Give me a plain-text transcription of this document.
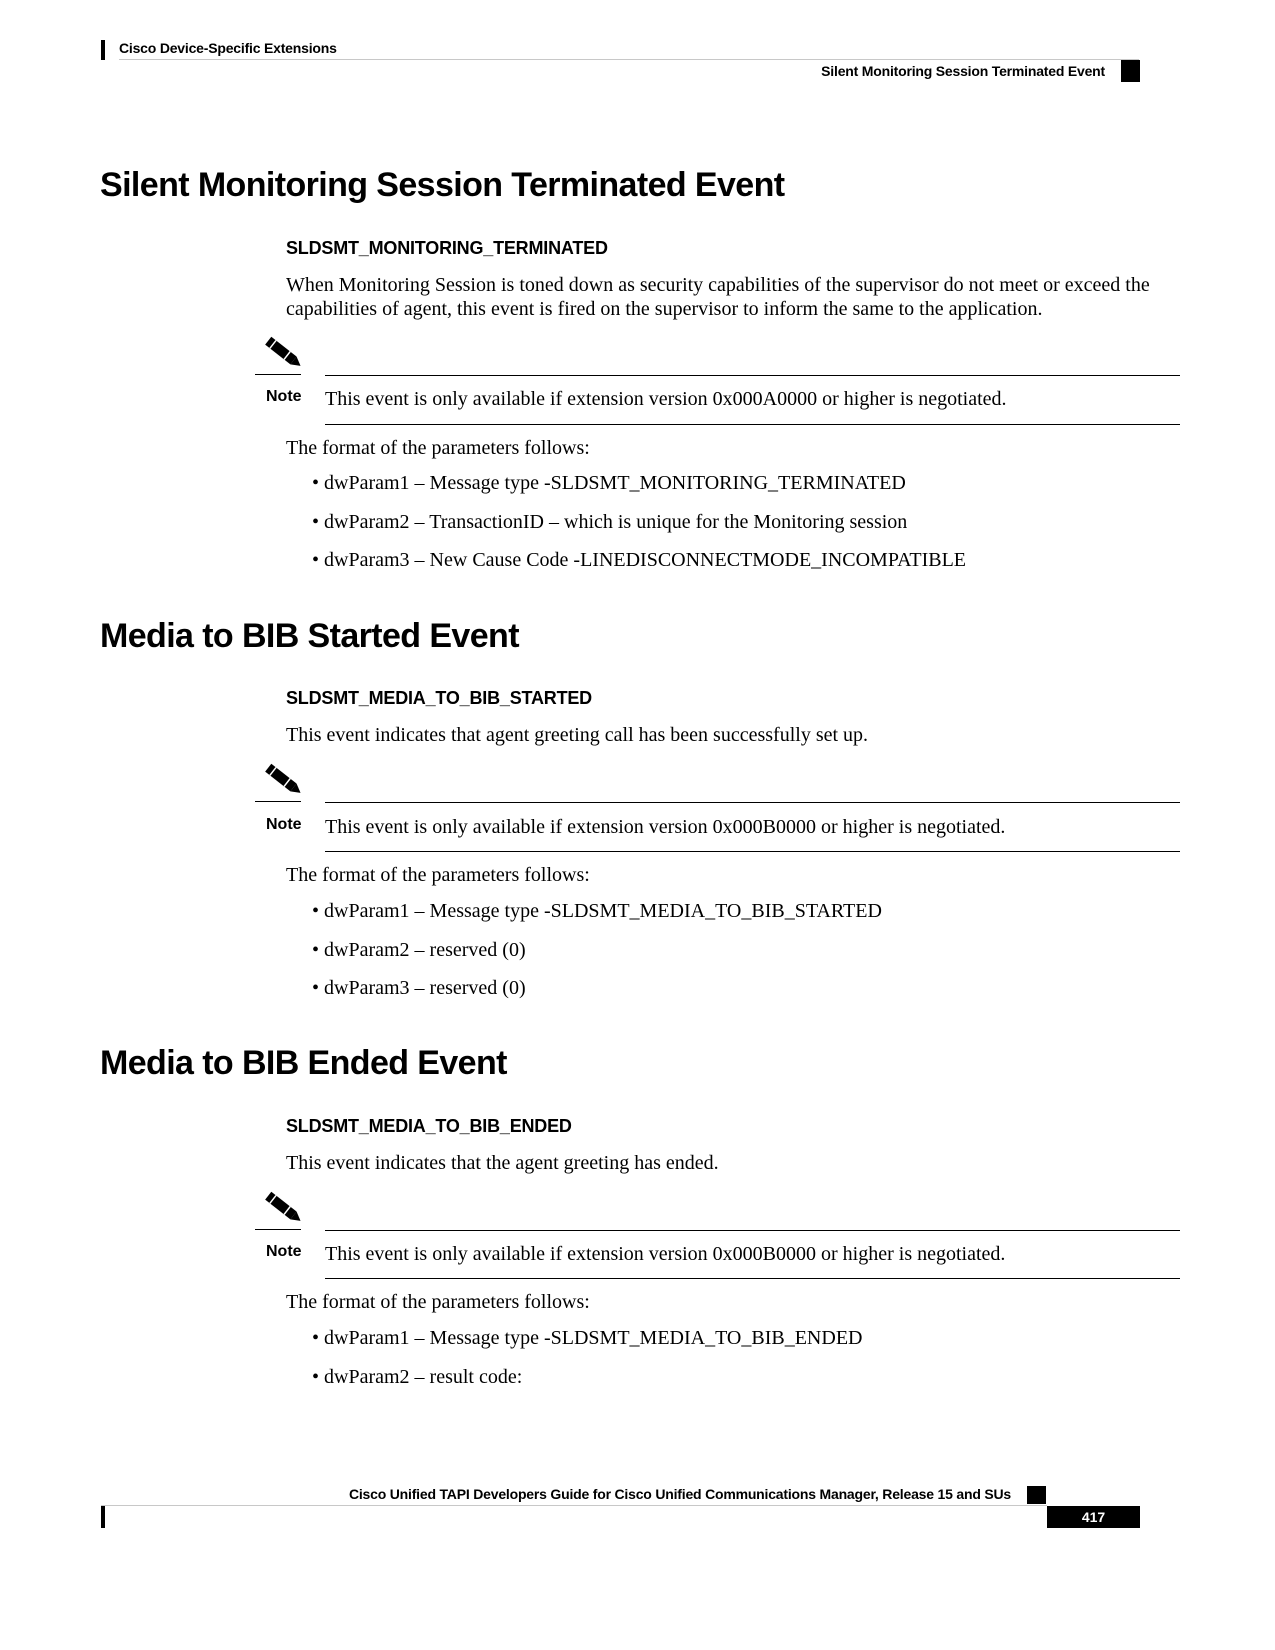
Cisco Device-Specific Extensions
Silent Monitoring Session Terminated Event
Silent Monitoring Session Terminated Event
SLDSMT_MONITORING_TERMINATED

When Monitoring Session is toned down as security capabilities of the supervisor do not meet or exceed the capabilities of agent, this event is fired on the supervisor to inform the same to the application.

Note This event is only available if extension version 0x000A0000 or higher is negotiated.

The format of the parameters follows:

• dwParam1 – Message type -SLDSMT_MONITORING_TERMINATED
• dwParam2 – TransactionID – which is unique for the Monitoring session
• dwParam3 – New Cause Code -LINEDISCONNECTMODE_INCOMPATIBLE
Media to BIB Started Event
SLDSMT_MEDIA_TO_BIB_STARTED

This event indicates that agent greeting call has been successfully set up.

Note This event is only available if extension version 0x000B0000 or higher is negotiated.

The format of the parameters follows:

• dwParam1 – Message type -SLDSMT_MEDIA_TO_BIB_STARTED
• dwParam2 – reserved (0)
• dwParam3 – reserved (0)
Media to BIB Ended Event
SLDSMT_MEDIA_TO_BIB_ENDED

This event indicates that the agent greeting has ended.

Note This event is only available if extension version 0x000B0000 or higher is negotiated.

The format of the parameters follows:

• dwParam1 – Message type -SLDSMT_MEDIA_TO_BIB_ENDED
• dwParam2 – result code:
Cisco Unified TAPI Developers Guide for Cisco Unified Communications Manager, Release 15 and SUs
417
